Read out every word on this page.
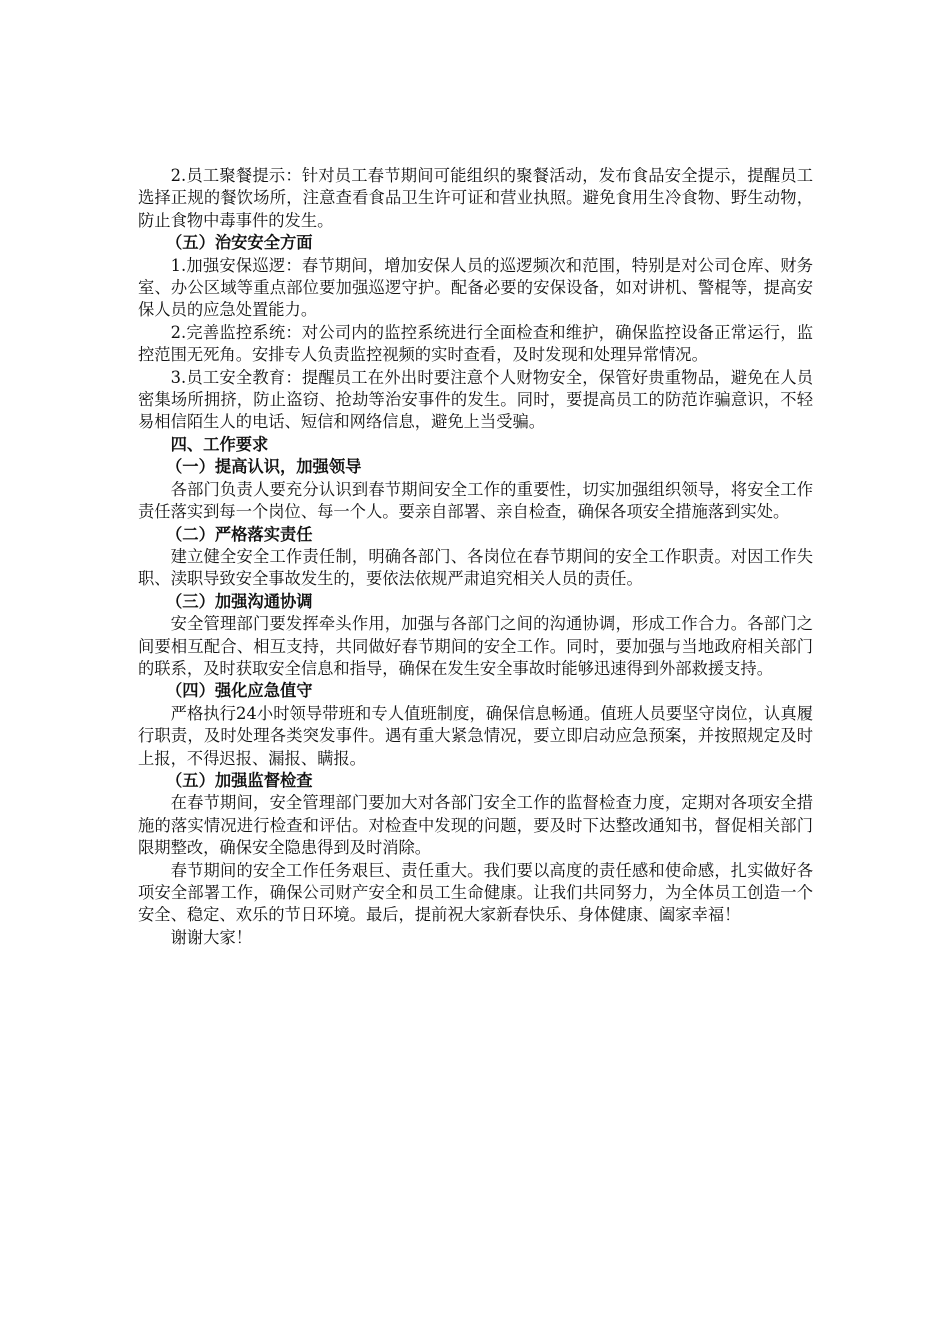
2.员工聚餐提示：针对员工春节期间可能组织的聚餐活动，发布食品安全提示，提醒员工选择正规的餐饮场所，注意查看食品卫生许可证和营业执照。避免食用生冷食物、野生动物，防止食物中毒事件的发生。

（五）治安安全方面

1.加强安保巡逻：春节期间，增加安保人员的巡逻频次和范围，特别是对公司仓库、财务室、办公区域等重点部位要加强巡逻守护。配备必要的安保设备，如对讲机、警棍等，提高安保人员的应急处置能力。

2.完善监控系统：对公司内的监控系统进行全面检查和维护，确保监控设备正常运行，监控范围无死角。安排专人负责监控视频的实时查看，及时发现和处理异常情况。

3.员工安全教育：提醒员工在外出时要注意个人财物安全，保管好贵重物品，避免在人员密集场所拥挤，防止盗窃、抢劫等治安事件的发生。同时，要提高员工的防范诈骗意识，不轻易相信陌生人的电话、短信和网络信息，避免上当受骗。

四、工作要求

（一）提高认识，加强领导

各部门负责人要充分认识到春节期间安全工作的重要性，切实加强组织领导，将安全工作责任落实到每一个岗位、每一个人。要亲自部署、亲自检查，确保各项安全措施落到实处。

（二）严格落实责任

建立健全安全工作责任制，明确各部门、各岗位在春节期间的安全工作职责。对因工作失职、渎职导致安全事故发生的，要依法依规严肃追究相关人员的责任。

（三）加强沟通协调

安全管理部门要发挥牵头作用，加强与各部门之间的沟通协调，形成工作合力。各部门之间要相互配合、相互支持，共同做好春节期间的安全工作。同时，要加强与当地政府相关部门的联系，及时获取安全信息和指导，确保在发生安全事故时能够迅速得到外部救援支持。

（四）强化应急值守

严格执行24小时领导带班和专人值班制度，确保信息畅通。值班人员要坚守岗位，认真履行职责，及时处理各类突发事件。遇有重大紧急情况，要立即启动应急预案，并按照规定及时上报，不得迟报、漏报、瞒报。

（五）加强监督检查

在春节期间，安全管理部门要加大对各部门安全工作的监督检查力度，定期对各项安全措施的落实情况进行检查和评估。对检查中发现的问题，要及时下达整改通知书，督促相关部门限期整改，确保安全隐患得到及时消除。

春节期间的安全工作任务艰巨、责任重大。我们要以高度的责任感和使命感，扎实做好各项安全部署工作，确保公司财产安全和员工生命健康。让我们共同努力，为全体员工创造一个安全、稳定、欢乐的节日环境。最后，提前祝大家新春快乐、身体健康、阖家幸福！

谢谢大家！
